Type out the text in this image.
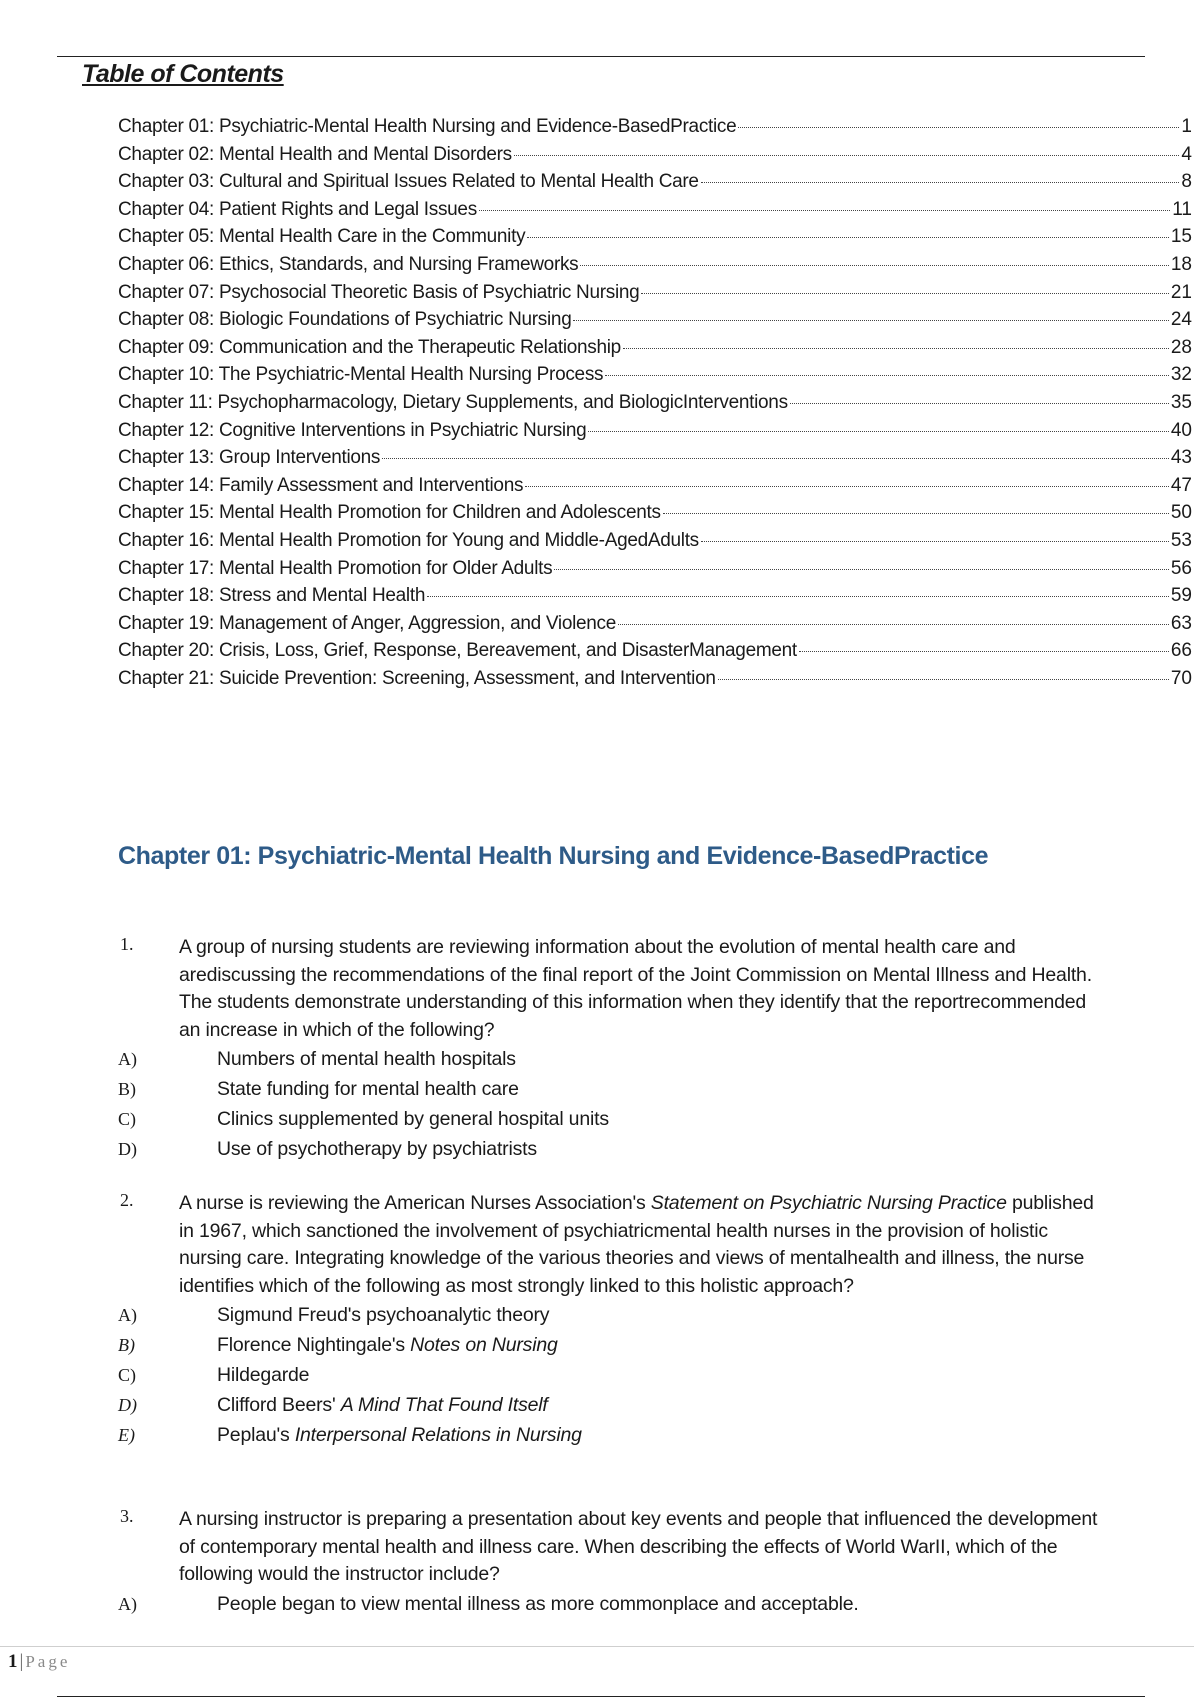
Table of Contents
Chapter 01: Psychiatric-Mental Health Nursing and Evidence-BasedPractice	1
Chapter 02: Mental Health and Mental Disorders	4
Chapter 03: Cultural and Spiritual Issues Related to Mental Health Care	8
Chapter 04: Patient Rights and Legal Issues	11
Chapter 05: Mental Health Care in the Community	15
Chapter 06: Ethics, Standards, and Nursing Frameworks	18
Chapter 07: Psychosocial Theoretic Basis of Psychiatric Nursing	21
Chapter 08: Biologic Foundations of Psychiatric Nursing	24
Chapter 09: Communication and the Therapeutic Relationship	28
Chapter 10: The Psychiatric-Mental Health Nursing Process	32
Chapter 11: Psychopharmacology, Dietary Supplements, and BiologicInterventions	35
Chapter 12: Cognitive Interventions in Psychiatric Nursing	40
Chapter 13: Group Interventions	43
Chapter 14: Family Assessment and Interventions	47
Chapter 15: Mental Health Promotion for Children and Adolescents	50
Chapter 16: Mental Health Promotion for Young and Middle-AgedAdults	53
Chapter 17: Mental Health Promotion for Older Adults	56
Chapter 18: Stress and Mental Health	59
Chapter 19: Management of Anger, Aggression, and Violence	63
Chapter 20: Crisis, Loss, Grief, Response, Bereavement, and DisasterManagement	66
Chapter 21: Suicide Prevention: Screening, Assessment, and Intervention	70
Chapter 01: Psychiatric-Mental Health Nursing and Evidence-BasedPractice
1. A group of nursing students are reviewing information about the evolution of mental health care and arediscussing the recommendations of the final report of the Joint Commission on Mental Illness and Health. The students demonstrate understanding of this information when they identify that the reportrecommended an increase in which of the following?
A)	Numbers of mental health hospitals
B)	State funding for mental health care
C)	Clinics supplemented by general hospital units
D)	Use of psychotherapy by psychiatrists
2. A nurse is reviewing the American Nurses Association's Statement on Psychiatric Nursing Practice published in 1967, which sanctioned the involvement of psychiatricmental health nurses in the provision of holistic nursing care. Integrating knowledge of the various theories and views of mentalhealth and illness, the nurse identifies which of the following as most strongly linked to this holistic approach?
A)	Sigmund Freud's psychoanalytic theory
B)	Florence Nightingale's Notes on Nursing
C)	Hildegarde
D)	Clifford Beers' A Mind That Found Itself
E)	Peplau's Interpersonal Relations in Nursing
3. A nursing instructor is preparing a presentation about key events and people that influenced the development of contemporary mental health and illness care. When describing the effects of World WarII, which of the following would the instructor include?
A)	People began to view mental illness as more commonplace and acceptable.
1 | Page
